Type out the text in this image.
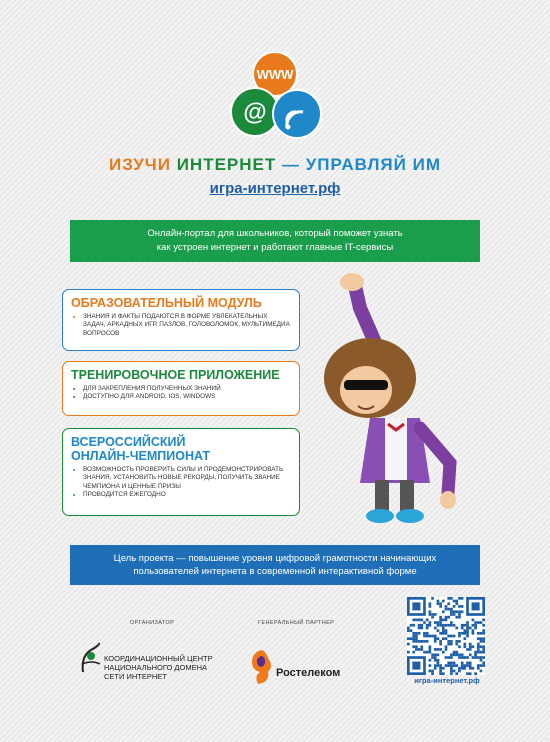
WWW
@
ИЗУЧИ ИНТЕРНЕТ — УПРАВЛЯЙ ИМ
игра-интернет.рф
Онлайн-портал для школьников, который поможет узнать
как устроен интернет и работают главные IT-сервисы
ОБРАЗОВАТЕЛЬНЫЙ МОДУЛЬ
• ЗНАНИЯ И ФАКТЫ ПОДАЮТСЯ В ФОРМЕ УВЛЕКАТЕЛЬНЫХ ЗАДАЧ, АРКАДНЫХ ИГР, ПАЗЛОВ, ГОЛОВОЛОМОК, МУЛЬТИМЕДИА ВОПРОСОВ
ТРЕНИРОВОЧНОЕ ПРИЛОЖЕНИЕ
• ДЛЯ ЗАКРЕПЛЕНИЯ ПОЛУЧЕННЫХ ЗНАНИЙ
• ДОСТУПНО ДЛЯ ANDROID, IOS, WINDOWS
ВСЕРОССИЙСКИЙ
ОНЛАЙН-ЧЕМПИОНАТ
• ВОЗМОЖНОСТЬ ПРОВЕРИТЬ СИЛЫ И ПРОДЕМОНСТРИРОВАТЬ ЗНАНИЯ, УСТАНОВИТЬ НОВЫЕ РЕКОРДЫ, ПОЛУЧИТЬ ЗВАНИЕ ЧЕМПИОНА И ЦЕННЫЕ ПРИЗЫ
• ПРОВОДИТСЯ ЕЖЕГОДНО
Цель проекта — повышение уровня цифровой грамотности начинающих
пользователей интернета в современной интерактивной форме
ОРГАНИЗАТОР	ГЕНЕРАЛЬНЫЙ ПАРТНЕР
КООРДИНАЦИОННЫЙ ЦЕНТР
НАЦИОНАЛЬНОГО ДОМЕНА
СЕТИ ИНТЕРНЕТ	Ростелеком
игра-интернет.рф
